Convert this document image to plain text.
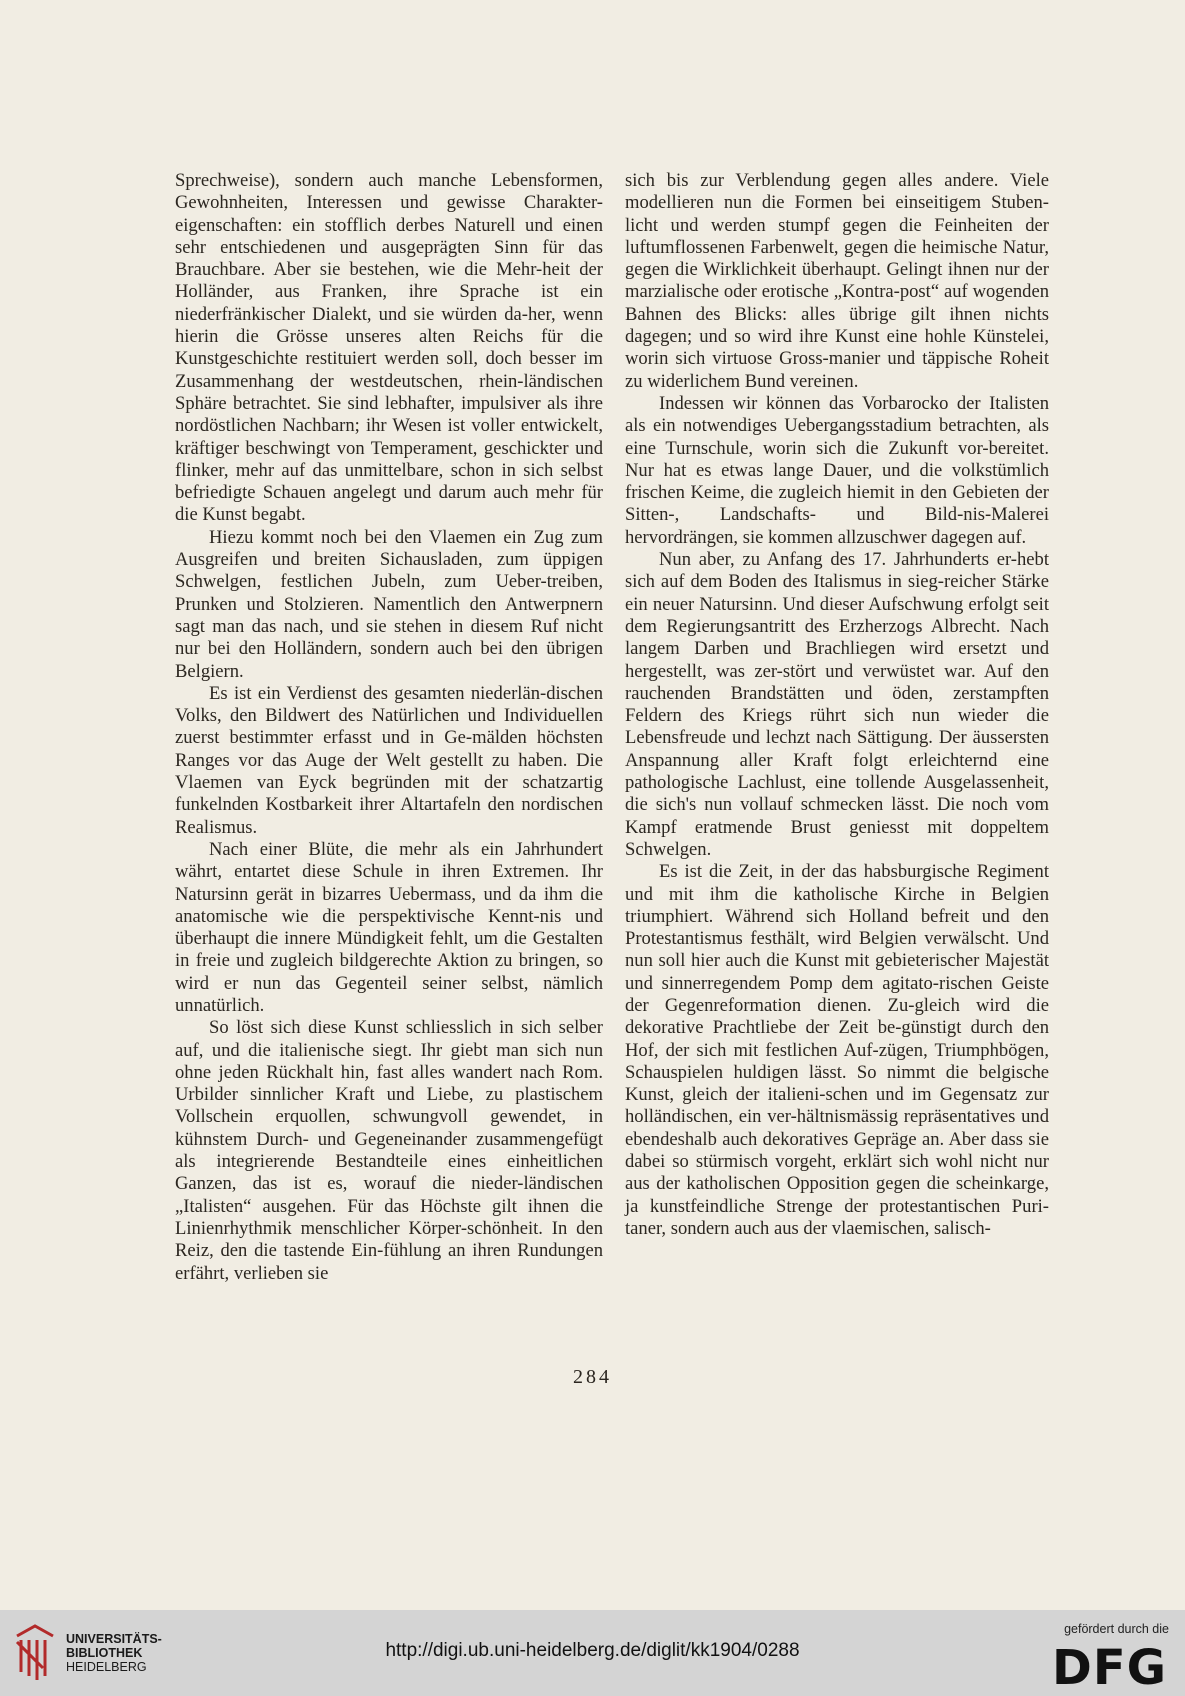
Sprechweise), sondern auch manche Lebensformen, Gewohnheiten, Interessen und gewisse Charakter-eigenschaften: ein stofflich derbes Naturell und einen sehr entschiedenen und ausgeprägten Sinn für das Brauchbare. Aber sie bestehen, wie die Mehr-heit der Holländer, aus Franken, ihre Sprache ist ein niederfränkischer Dialekt, und sie würden da-her, wenn hierin die Grösse unseres alten Reichs für die Kunstgeschichte restituiert werden soll, doch besser im Zusammenhang der westdeutschen, rhein-ländischen Sphäre betrachtet. Sie sind lebhafter, impulsiver als ihre nordöstlichen Nachbarn; ihr Wesen ist voller entwickelt, kräftiger beschwingt von Temperament, geschickter und flinker, mehr auf das unmittelbare, schon in sich selbst befriedigte Schauen angelegt und darum auch mehr für die Kunst begabt.

Hiezu kommt noch bei den Vlaemen ein Zug zum Ausgreifen und breiten Sichausladen, zum üppigen Schwelgen, festlichen Jubeln, zum Ueber-treiben, Prunken und Stolzieren. Namentlich den Antwerpnern sagt man das nach, und sie stehen in diesem Ruf nicht nur bei den Holländern, sondern auch bei den übrigen Belgiern.

Es ist ein Verdienst des gesamten niederlän-dischen Volks, den Bildwert des Natürlichen und Individuellen zuerst bestimmter erfasst und in Ge-mälden höchsten Ranges vor das Auge der Welt gestellt zu haben. Die Vlaemen van Eyck begründen mit der schatzartig funkelnden Kostbarkeit ihrer Altartafeln den nordischen Realismus.

Nach einer Blüte, die mehr als ein Jahrhundert währt, entartet diese Schule in ihren Extremen. Ihr Natursinn gerät in bizarres Uebermass, und da ihm die anatomische wie die perspektivische Kennt-nis und überhaupt die innere Mündigkeit fehlt, um die Gestalten in freie und zugleich bildgerechte Aktion zu bringen, so wird er nun das Gegenteil seiner selbst, nämlich unnatürlich.

So löst sich diese Kunst schliesslich in sich selber auf, und die italienische siegt. Ihr giebt man sich nun ohne jeden Rückhalt hin, fast alles wandert nach Rom. Urbilder sinnlicher Kraft und Liebe, zu plastischem Vollschein erquollen, schwungvoll gewendet, in kühnstem Durch- und Gegeneinander zusammengefügt als integrierende Bestandteile eines einheitlichen Ganzen, das ist es, worauf die nieder-ländischen „Italisten“ ausgehen. Für das Höchste gilt ihnen die Linienrhythmik menschlicher Körper-schönheit. In den Reiz, den die tastende Ein-fühlung an ihren Rundungen erfährt, verlieben sie

sich bis zur Verblendung gegen alles andere. Viele modellieren nun die Formen bei einseitigem Stuben-licht und werden stumpf gegen die Feinheiten der luftumflossenen Farbenwelt, gegen die heimische Natur, gegen die Wirklichkeit überhaupt. Gelingt ihnen nur der marzialische oder erotische „Kontra-post“ auf wogenden Bahnen des Blicks: alles übrige gilt ihnen nichts dagegen; und so wird ihre Kunst eine hohle Künstelei, worin sich virtuose Gross-manier und täppische Roheit zu widerlichem Bund vereinen.

Indessen wir können das Vorbarocko der Italisten als ein notwendiges Uebergangsstadium betrachten, als eine Turnschule, worin sich die Zukunft vor-bereitet. Nur hat es etwas lange Dauer, und die volkstümlich frischen Keime, die zugleich hiemit in den Gebieten der Sitten-, Landschafts- und Bild-nis-Malerei hervordrängen, sie kommen allzuschwer dagegen auf.

Nun aber, zu Anfang des 17. Jahrhunderts er-hebt sich auf dem Boden des Italismus in sieg-reicher Stärke ein neuer Natursinn. Und dieser Aufschwung erfolgt seit dem Regierungsantritt des Erzherzogs Albrecht. Nach langem Darben und Brachliegen wird ersetzt und hergestellt, was zer-stört und verwüstet war. Auf den rauchenden Brandstätten und öden, zerstampften Feldern des Kriegs rührt sich nun wieder die Lebensfreude und lechzt nach Sättigung. Der äussersten Anspannung aller Kraft folgt erleichternd eine pathologische Lachlust, eine tollende Ausgelassenheit, die sich's nun vollauf schmecken lässt. Die noch vom Kampf eratmende Brust geniesst mit doppeltem Schwelgen.

Es ist die Zeit, in der das habsburgische Regiment und mit ihm die katholische Kirche in Belgien triumphiert. Während sich Holland befreit und den Protestantismus festhält, wird Belgien verwälscht. Und nun soll hier auch die Kunst mit gebieterischer Majestät und sinnerregendem Pomp dem agitato-rischen Geiste der Gegenreformation dienen. Zu-gleich wird die dekorative Prachtliebe der Zeit be-günstigt durch den Hof, der sich mit festlichen Auf-zügen, Triumphbögen, Schauspielen huldigen lässt. So nimmt die belgische Kunst, gleich der italieni-schen und im Gegensatz zur holländischen, ein ver-hältnismässig repräsentatives und ebendeshalb auch dekoratives Gepräge an. Aber dass sie dabei so stürmisch vorgeht, erklärt sich wohl nicht nur aus der katholischen Opposition gegen die scheinkarge, ja kunstfeindliche Strenge der protestantischen Puri-taner, sondern auch aus der vlaemischen, salisch-

284
UNIVERSITÄTS-
BIBLIOTHEK
HEIDELBERG
http://digi.ub.uni-heidelberg.de/diglit/kk1904/0288
gefördert durch die
DFG
